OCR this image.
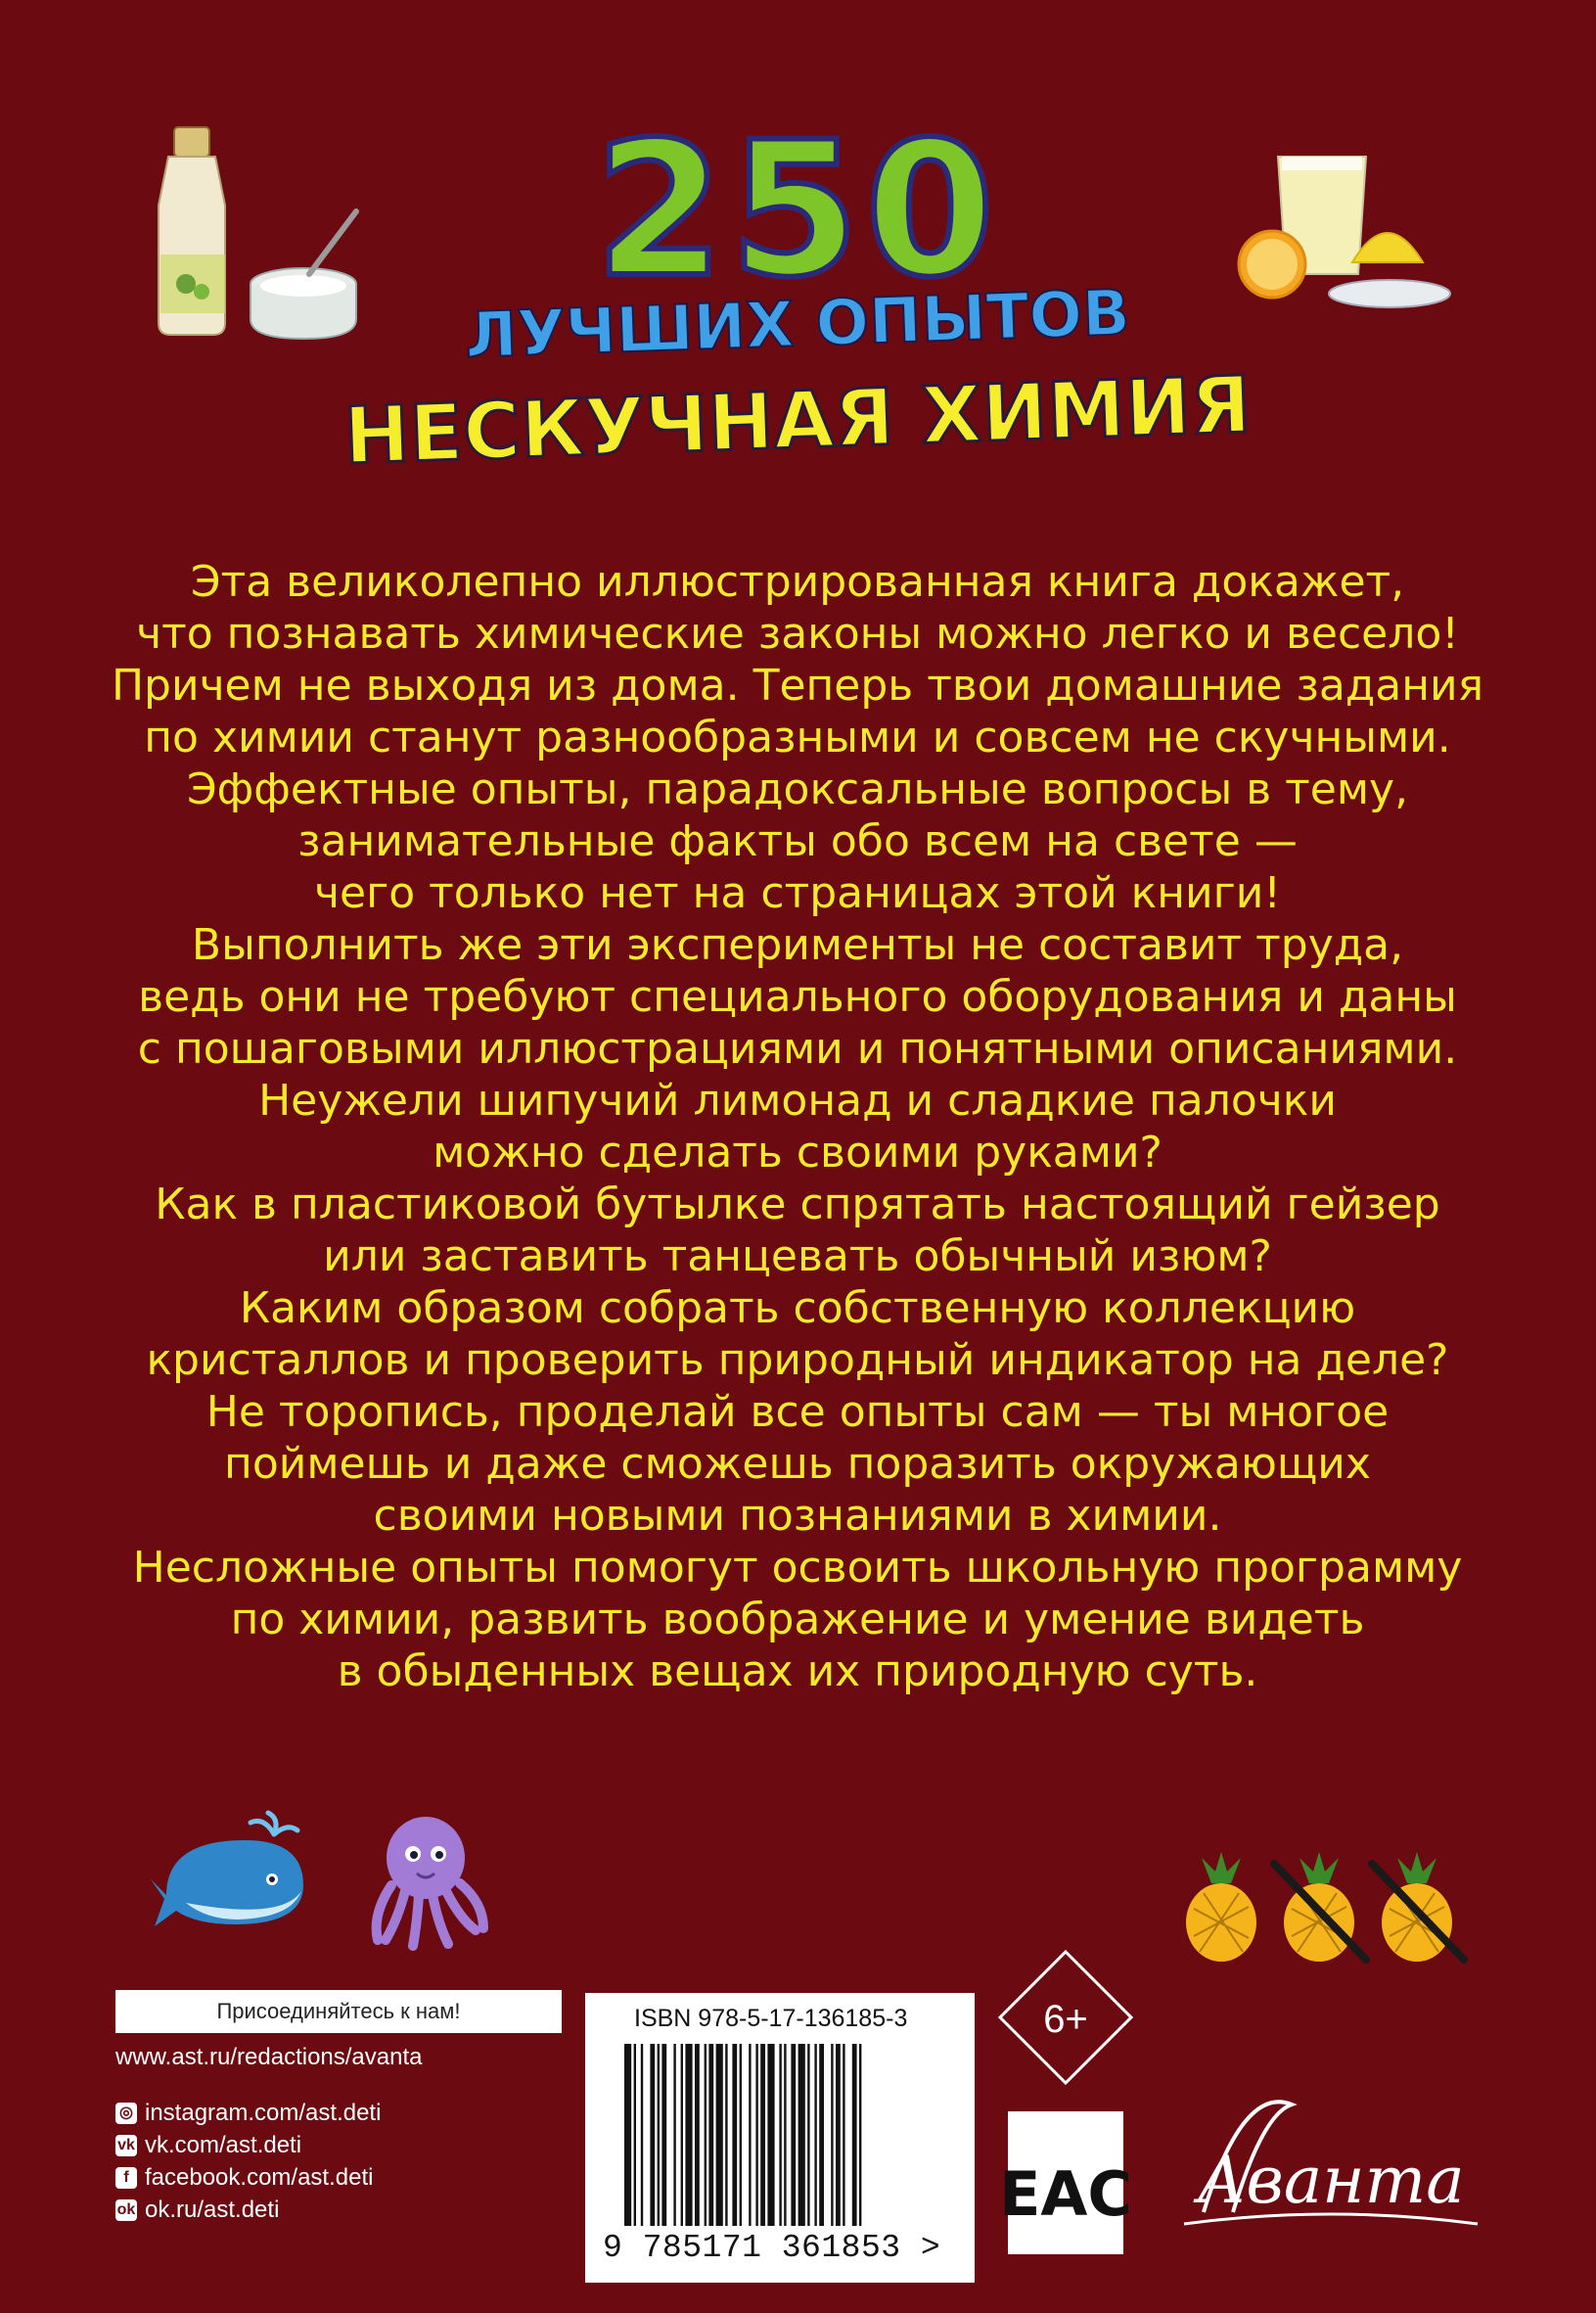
250
ЛУЧШИХ ОПЫТОВ
НЕСКУЧНАЯ ХИМИЯ
Эта великолепно иллюстрированная книга докажет,
что познавать химические законы можно легко и весело!
Причем не выходя из дома. Теперь твои домашние задания
по химии станут разнообразными и совсем не скучными.
Эффектные опыты, парадоксальные вопросы в тему,
занимательные факты обо всем на свете —
чего только нет на страницах этой книги!
Выполнить же эти эксперименты не составит труда,
ведь они не требуют специального оборудования и даны
с пошаговыми иллюстрациями и понятными описаниями.
Неужели шипучий лимонад и сладкие палочки
можно сделать своими руками?
Как в пластиковой бутылке спрятать настоящий гейзер
или заставить танцевать обычный изюм?
Каким образом собрать собственную коллекцию
кристаллов и проверить природный индикатор на деле?
Не торопись, проделай все опыты сам — ты многое
поймешь и даже сможешь поразить окружающих
своими новыми познаниями в химии.
Несложные опыты помогут освоить школьную программу
по химии, развить воображение и умение видеть
в обыденных вещах их природную суть.
Присоединяйтесь к нам!
www.ast.ru/redactions/avanta
◎ instagram.com/ast.deti
vk vk.com/ast.deti
f facebook.com/ast.deti
ok ok.ru/ast.deti
ISBN 978-5-17-136185-3
9 785171 361853 >
6+
EAC Аванта
